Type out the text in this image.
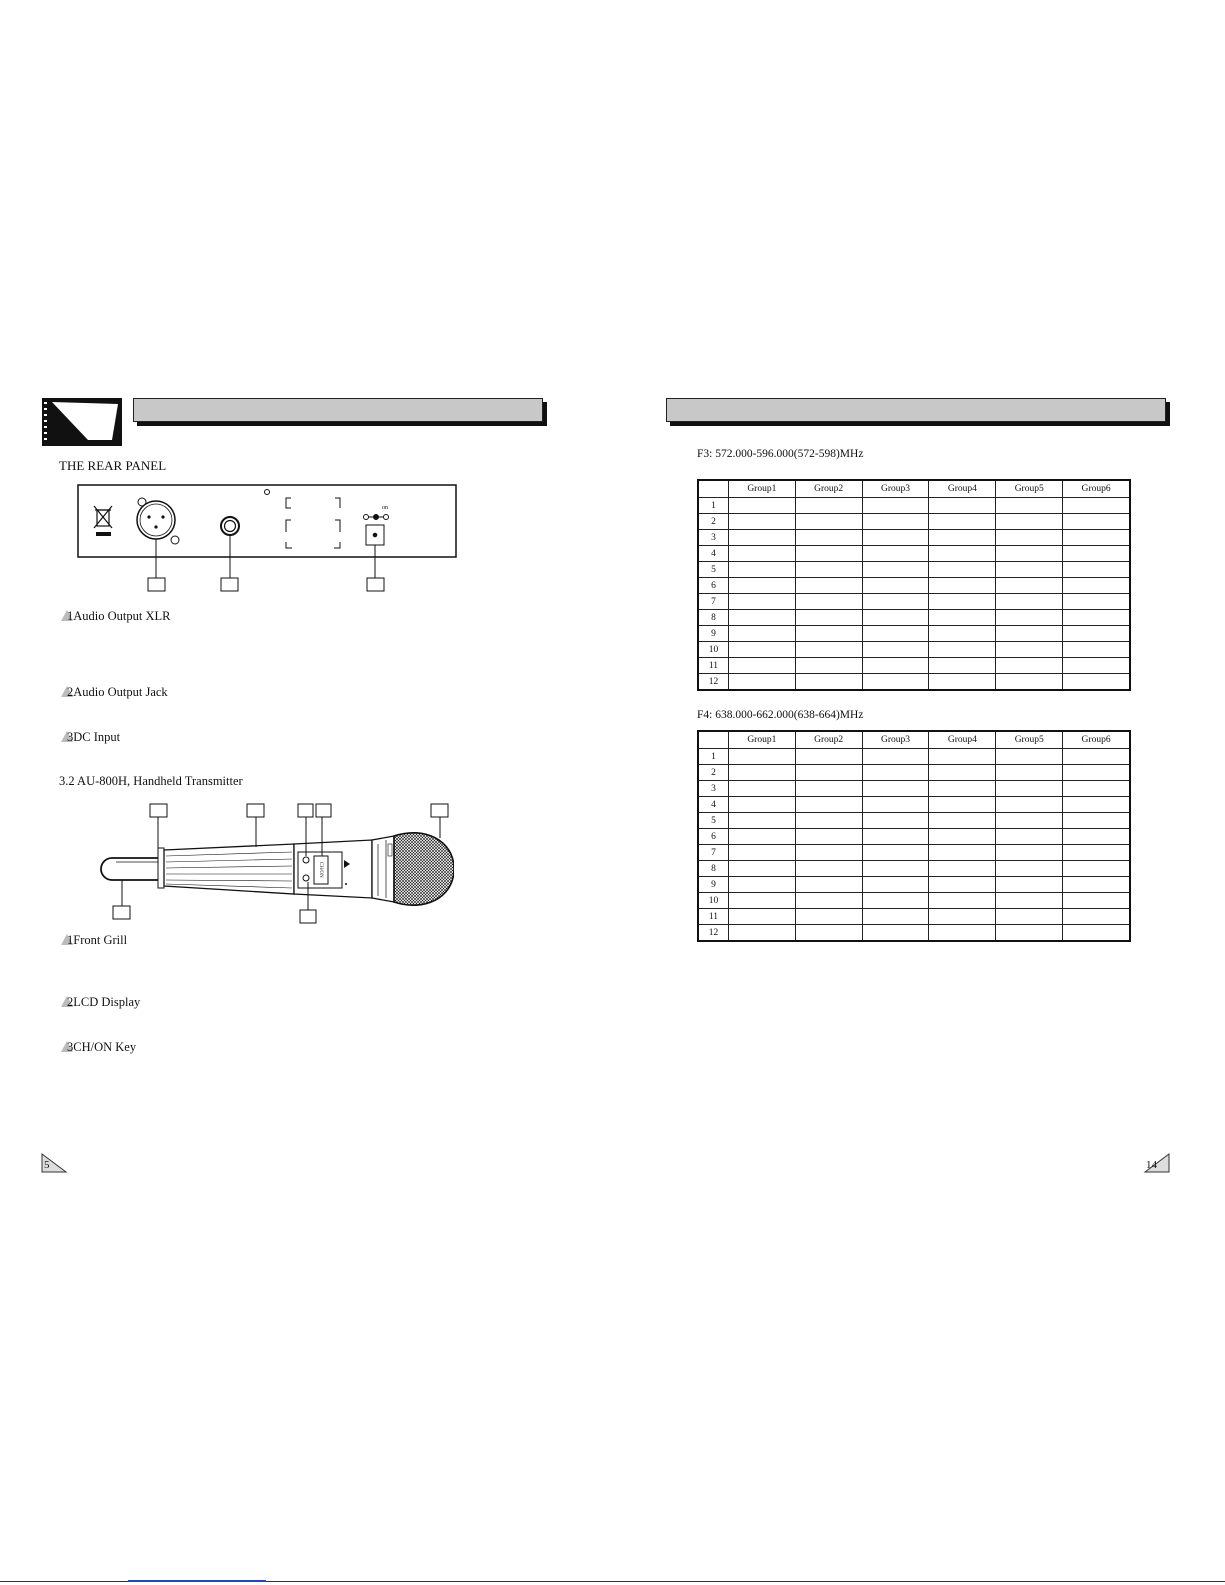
THE REAR PANEL
on
1Audio Output XLR
2Audio Output Jack
3DC Input
3.2 AU-800H, Handheld Transmitter
CH/ON
1Front Grill
2LCD Display
3CH/ON Key
5
F3: 572.000-596.000(572-598)MHz
	Group1	Group2	Group3	Group4	Group5	Group6
1						
2						
3						
4						
5						
6						
7						
8						
9						
10						
11						
12						
F4: 638.000-662.000(638-664)MHz
	Group1	Group2	Group3	Group4	Group5	Group6
1						
2						
3						
4						
5						
6						
7						
8						
9						
10						
11						
12						
14
